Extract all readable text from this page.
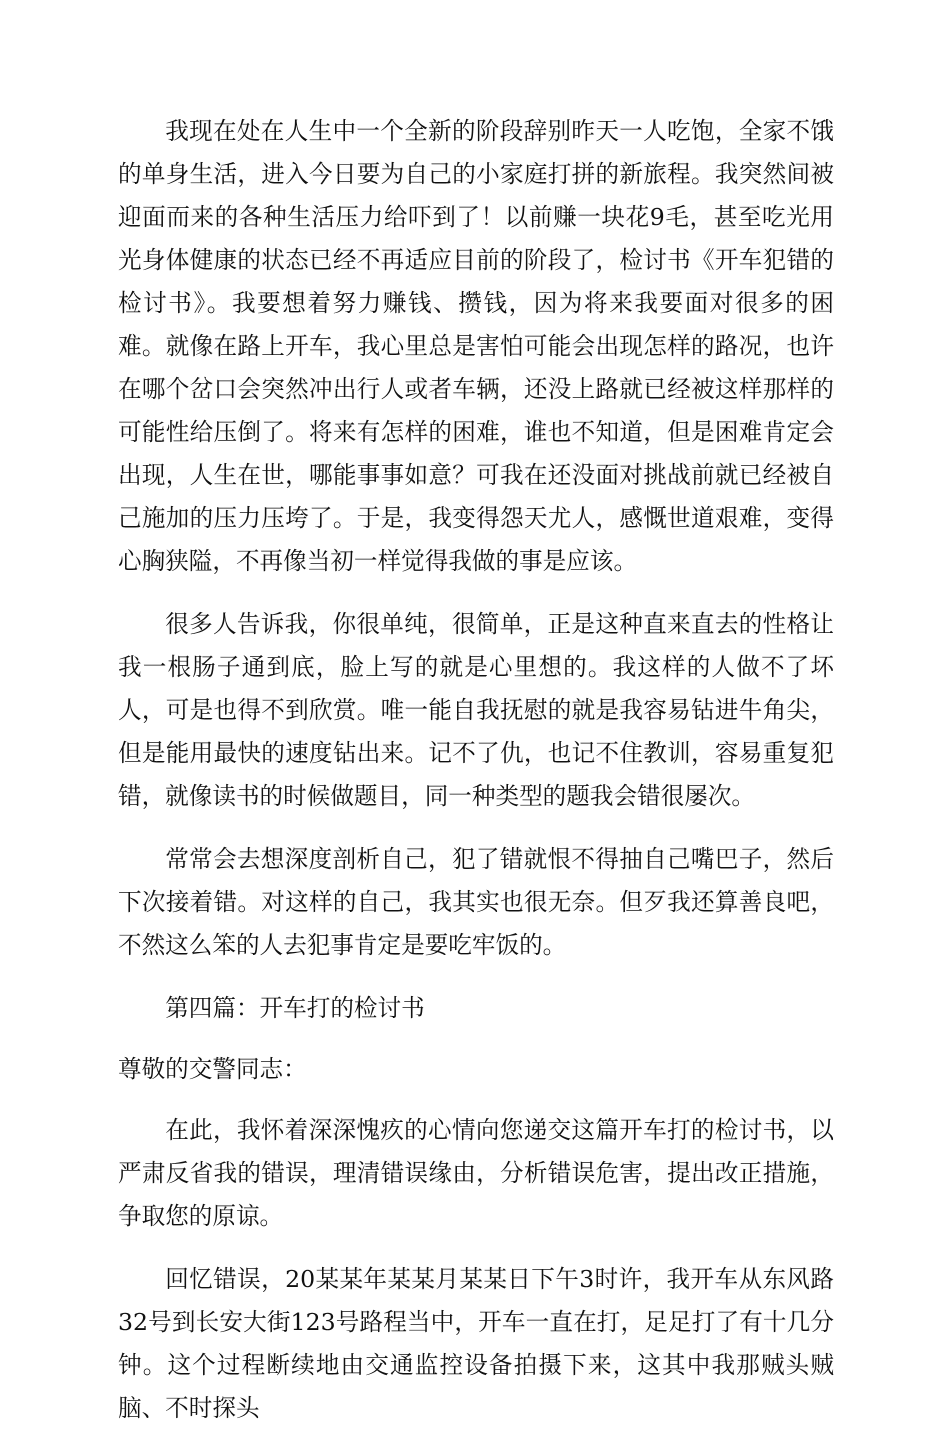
我现在处在人生中一个全新的阶段辞别昨天一人吃饱，全家不饿的单身生活，进入今日要为自己的小家庭打拼的新旅程。我突然间被迎面而来的各种生活压力给吓到了！以前赚一块花9毛，甚至吃光用光身体健康的状态已经不再适应目前的阶段了，检讨书《开车犯错的检讨书》。我要想着努力赚钱、攒钱，因为将来我要面对很多的困难。就像在路上开车，我心里总是害怕可能会出现怎样的路况，也许在哪个岔口会突然冲出行人或者车辆，还没上路就已经被这样那样的可能性给压倒了。将来有怎样的困难，谁也不知道，但是困难肯定会出现，人生在世，哪能事事如意？可我在还没面对挑战前就已经被自己施加的压力压垮了。于是，我变得怨天尤人，感慨世道艰难，变得心胸狭隘，不再像当初一样觉得我做的事是应该。

很多人告诉我，你很单纯，很简单，正是这种直来直去的性格让我一根肠子通到底，脸上写的就是心里想的。我这样的人做不了坏人，可是也得不到欣赏。唯一能自我抚慰的就是我容易钻进牛角尖，但是能用最快的速度钻出来。记不了仇，也记不住教训，容易重复犯错，就像读书的时候做题目，同一种类型的题我会错很屡次。

常常会去想深度剖析自己，犯了错就恨不得抽自己嘴巴子，然后下次接着错。对这样的自己，我其实也很无奈。但歹我还算善良吧，不然这么笨的人去犯事肯定是要吃牢饭的。

第四篇：开车打的检讨书

尊敬的交警同志：

在此，我怀着深深愧疚的心情向您递交这篇开车打的检讨书，以严肃反省我的错误，理清错误缘由，分析错误危害，提出改正措施，争取您的原谅。

回忆错误，20某某年某某月某某日下午3时许，我开车从东风路32号到长安大街123号路程当中，开车一直在打，足足打了有十几分钟。这个过程断续地由交通监控设备拍摄下来，这其中我那贼头贼脑、不时探头
